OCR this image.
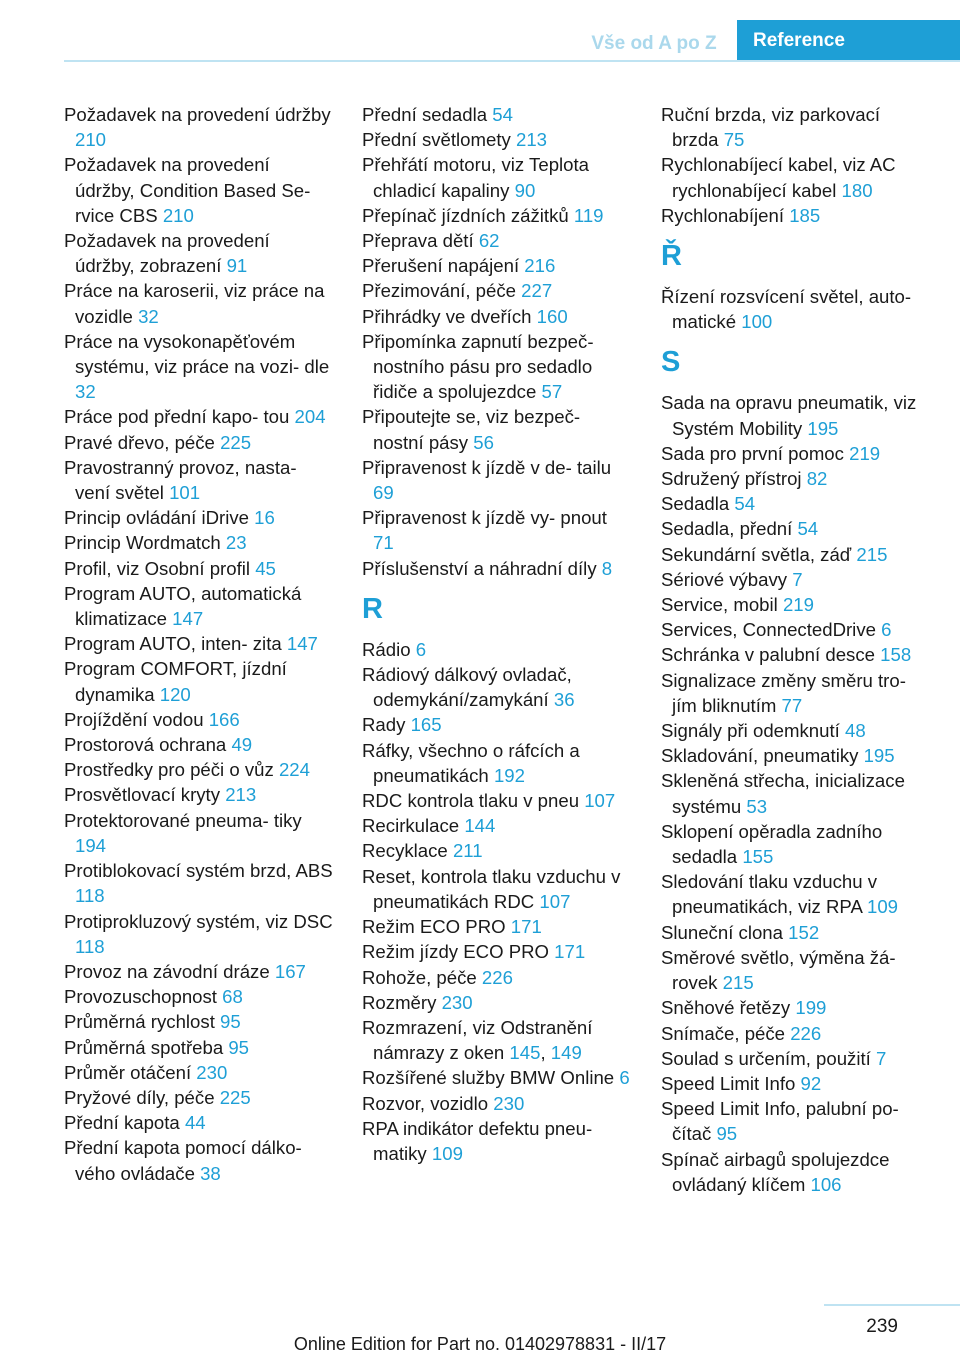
Vše od A po Z	Reference
Požadavek na provedení údržby 210
Požadavek na provedení údržby, Condition Based Se- rvice CBS 210
Požadavek na provedení údržby, zobrazení 91
Práce na karoserii, viz práce na vozidle 32
Práce na vysokonapěťovém systému, viz práce na vozi- dle 32
Práce pod přední kapo- tou 204
Pravé dřevo, péče 225
Pravostranný provoz, nasta- vení světel 101
Princip ovládání iDrive 16
Princip Wordmatch 23
Profil, viz Osobní profil 45
Program AUTO, automatická klimatizace 147
Program AUTO, inten- zita 147
Program COMFORT, jízdní dynamika 120
Projíždění vodou 166
Prostorová ochrana 49
Prostředky pro péči o vůz 224
Prosvětlovací kryty 213
Protektorované pneuma- tiky 194
Protiblokovací systém brzd, ABS 118
Protiprokluzový systém, viz DSC 118
Provoz na závodní dráze 167
Provozuschopnost 68
Průměrná rychlost 95
Průměrná spotřeba 95
Průměr otáčení 230
Pryžové díly, péče 225
Přední kapota 44
Přední kapota pomocí dálko- vého ovládače 38
Přední sedadla 54
Přední světlomety 213
Přehřátí motoru, viz Teplota chladicí kapaliny 90
Přepínač jízdních zážitků 119
Přeprava dětí 62
Přerušení napájení 216
Přezimování, péče 227
Přihrádky ve dveřích 160
Připomínka zapnutí bezpeč- nostního pásu pro sedadlo řidiče a spolujezdce 57
Připoutejte se, viz bezpeč- nostní pásy 56
Připravenost k jízdě v de- tailu 69
Připravenost k jízdě vy- pnout 71
Příslušenství a náhradní díly 8
R
Rádio 6
Rádiový dálkový ovladač, odemykání/zamykání 36
Rady 165
Ráfky, všechno o ráfcích a pneumatikách 192
RDC kontrola tlaku v pneu 107
Recirkulace 144
Recyklace 211
Reset, kontrola tlaku vzduchu v pneumatikách RDC 107
Režim ECO PRO 171
Režim jízdy ECO PRO 171
Rohože, péče 226
Rozměry 230
Rozmrazení, viz Odstranění námrazy z oken 145, 149
Rozšířené služby BMW Online 6
Rozvor, vozidlo 230
RPA indikátor defektu pneu- matiky 109
Ruční brzda, viz parkovací brzda 75
Rychlonabíjecí kabel, viz AC rychlonabíjecí kabel 180
Rychlonabíjení 185
Ř
Řízení rozsvícení světel, auto- matické 100
S
Sada na opravu pneumatik, viz Systém Mobility 195
Sada pro první pomoc 219
Sdružený přístroj 82
Sedadla 54
Sedadla, přední 54
Sekundární světla, záď 215
Sériové výbavy 7
Service, mobil 219
Services, ConnectedDrive 6
Schránka v palubní desce 158
Signalizace změny směru tro- jím bliknutím 77
Signály při odemknutí 48
Skladování, pneumatiky 195
Skleněná střecha, inicializace systému 53
Sklopení opěradla zadního sedadla 155
Sledování tlaku vzduchu v pneumatikách, viz RPA 109
Sluneční clona 152
Směrové světlo, výměna žá- rovek 215
Sněhové řetězy 199
Snímače, péče 226
Soulad s určením, použití 7
Speed Limit Info 92
Speed Limit Info, palubní po- čítač 95
Spínač airbagů spolujezdce ovládaný klíčem 106
239
Online Edition for Part no. 01402978831 - II/17
